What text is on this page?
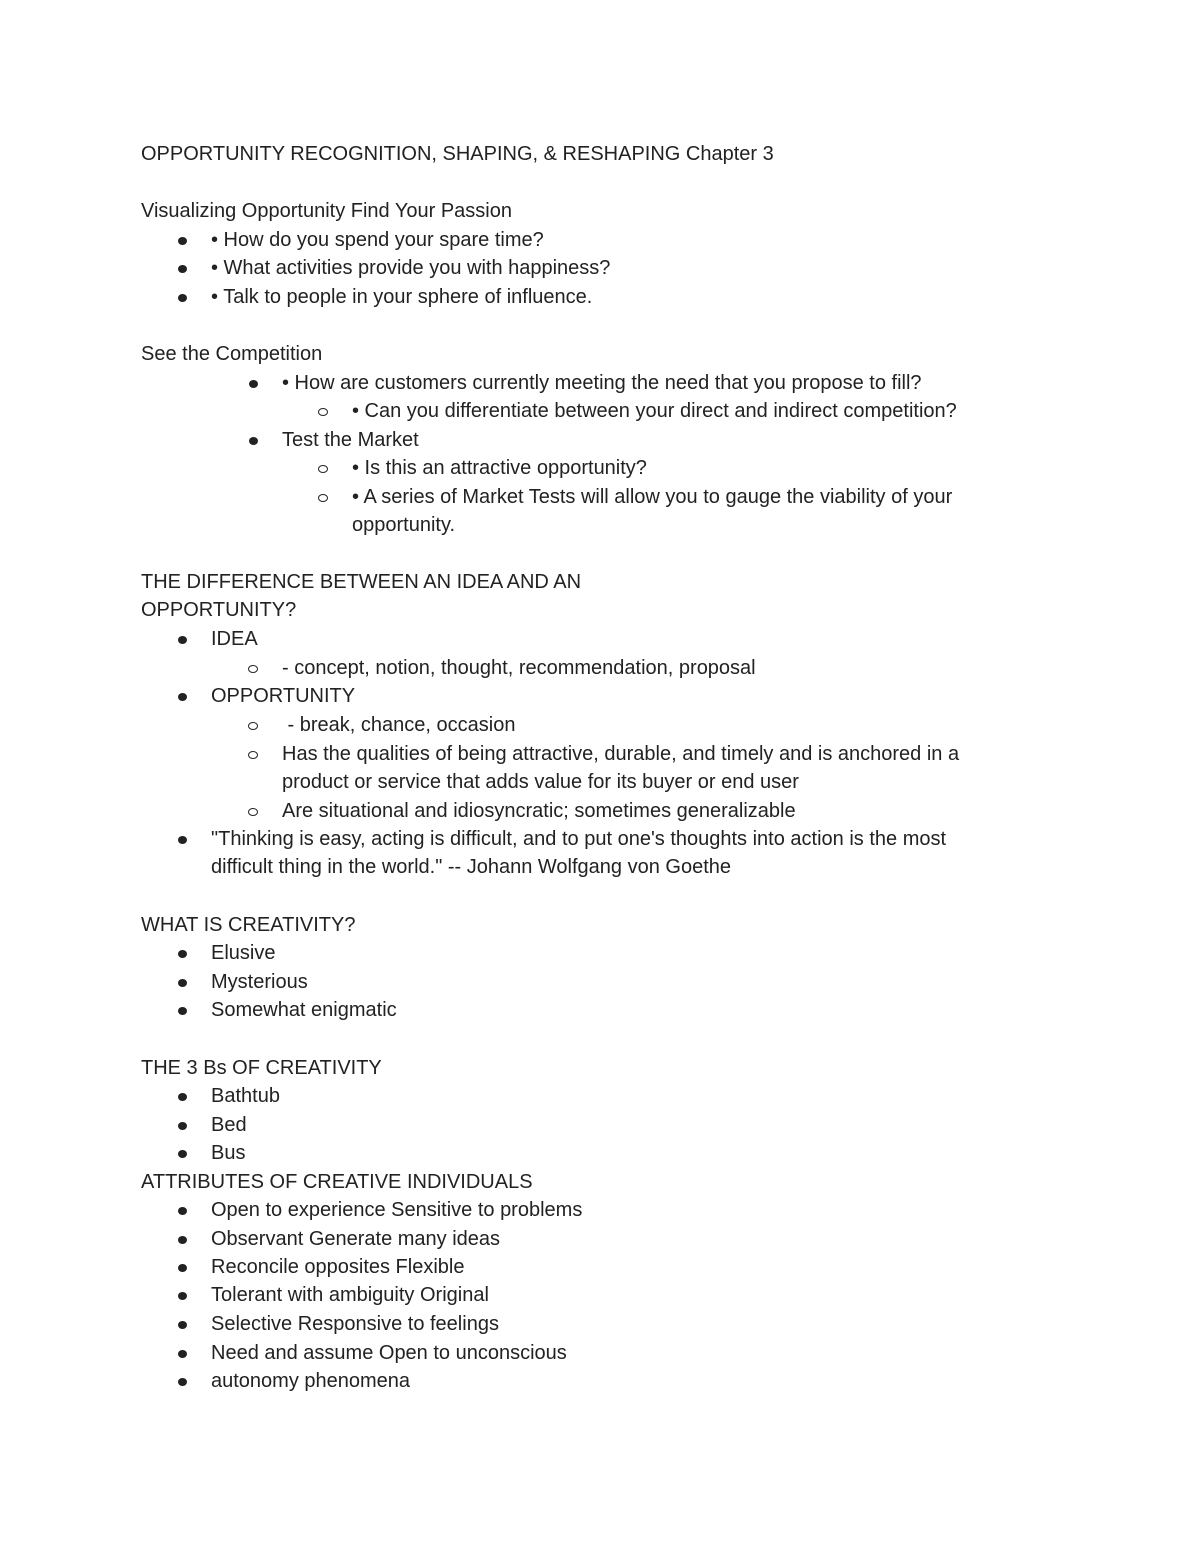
OPPORTUNITY RECOGNITION, SHAPING, & RESHAPING Chapter 3
Visualizing Opportunity Find Your Passion
• How do you spend your spare time?
• What activities provide you with happiness?
• Talk to people in your sphere of influence.
See the Competition
• How are customers currently meeting the need that you propose to fill?
• Can you differentiate between your direct and indirect competition?
Test the Market
• Is this an attractive opportunity?
• A series of Market Tests will allow you to gauge the viability of your
opportunity.
THE DIFFERENCE BETWEEN AN IDEA AND AN
OPPORTUNITY?
IDEA
- concept, notion, thought, recommendation, proposal
OPPORTUNITY
- break, chance, occasion
Has the qualities of being attractive, durable, and timely and is anchored in a
product or service that adds value for its buyer or end user
Are situational and idiosyncratic; sometimes generalizable
"Thinking is easy, acting is difficult, and to put one's thoughts into action is the most
difficult thing in the world." -- Johann Wolfgang von Goethe
WHAT IS CREATIVITY?
Elusive
Mysterious
Somewhat enigmatic
THE 3 Bs OF CREATIVITY
Bathtub
Bed
Bus
ATTRIBUTES OF CREATIVE INDIVIDUALS
Open to experience Sensitive to problems
Observant Generate many ideas
Reconcile opposites Flexible
Tolerant with ambiguity Original
Selective Responsive to feelings
Need and assume Open to unconscious
autonomy phenomena
